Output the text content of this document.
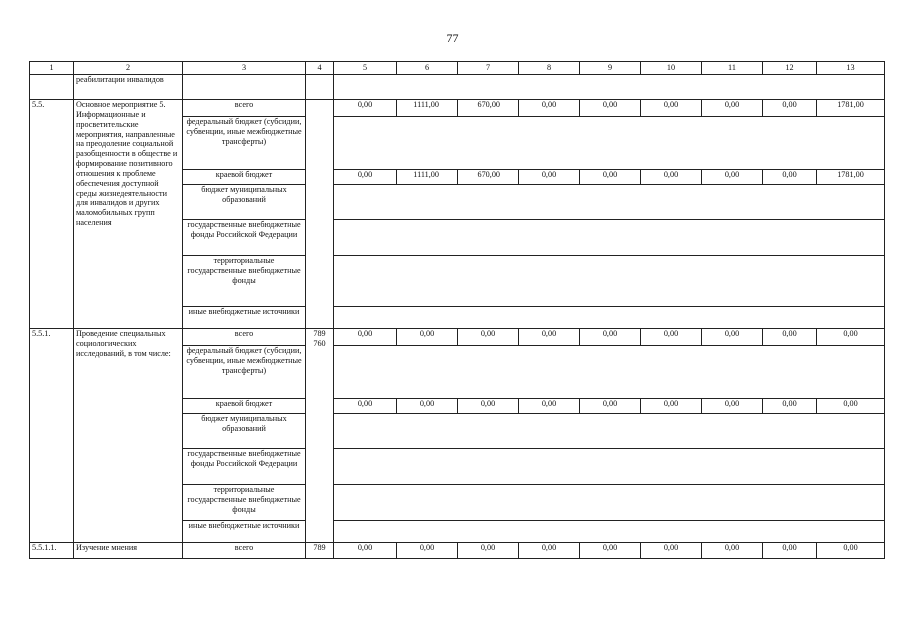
77
1	2	3	4	5	6	7	8	9	10	11	12	13
	реабилитации инвалидов											
5.5.	Основное мероприятие 5. Информационные и просветительские мероприятия, направленные на преодоление социальной разобщенности в обществе и формирование позитивного отношения к проблеме обеспечения доступной среды жизнедеятельности для инвалидов и других маломобильных групп населения	всего		0,00	1111,00	670,00	0,00	0,00	0,00	0,00	0,00	1781,00
		федеральный бюджет (субсидии, субвенции, иные межбюджетные трансферты)										
		краевой бюджет		0,00	1111,00	670,00	0,00	0,00	0,00	0,00	0,00	1781,00
		бюджет муниципальных образований										
		государственные внебюджетные фонды Российской Федерации										
		территориальные государственные внебюджетные фонды										
		иные внебюджетные источники										
5.5.1.	Проведение специальных социологических исследований, в том числе:	всего	789 760	0,00	0,00	0,00	0,00	0,00	0,00	0,00	0,00	0,00
		федеральный бюджет (субсидии, субвенции, иные межбюджетные трансферты)										
		краевой бюджет		0,00	0,00	0,00	0,00	0,00	0,00	0,00	0,00	0,00
		бюджет муниципальных образований										
		государственные внебюджетные фонды Российской Федерации										
		территориальные государственные внебюджетные фонды										
		иные внебюджетные источники										
5.5.1.1.	Изучение мнения	всего	789	0,00	0,00	0,00	0,00	0,00	0,00	0,00	0,00	0,00
